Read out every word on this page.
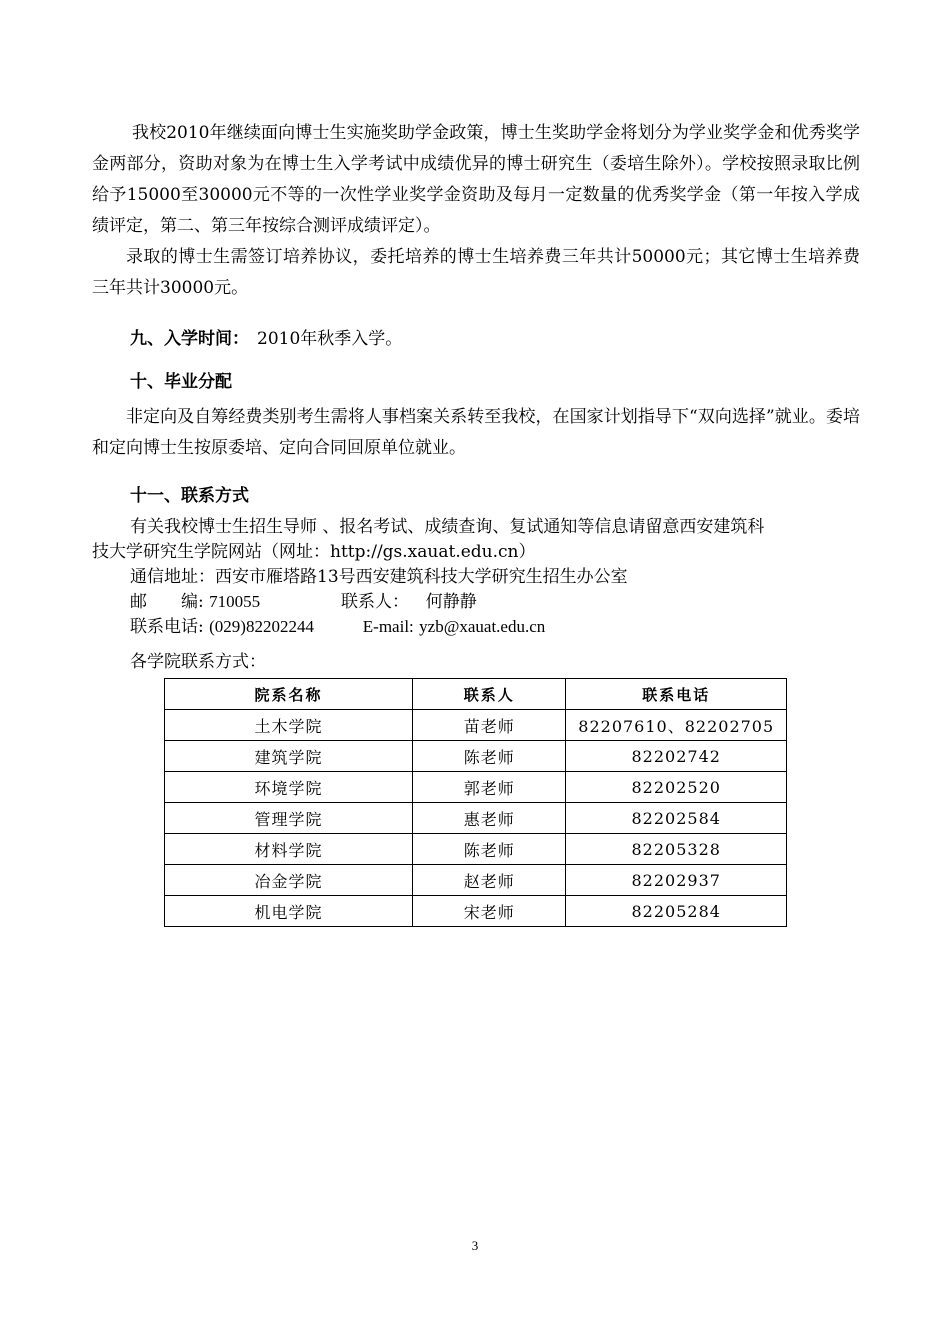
我校2010年继续面向博士生实施奖助学金政策，博士生奖助学金将划分为学业奖学金和优秀奖学金两部分，资助对象为在博士生入学考试中成绩优异的博士研究生（委培生除外）。学校按照录取比例给予15000至30000元不等的一次性学业奖学金资助及每月一定数量的优秀奖学金（第一年按入学成绩评定，第二、第三年按综合测评成绩评定）。

录取的博士生需签订培养协议，委托培养的博士生培养费三年共计50000元；其它博士生培养费三年共计30000元。

九、入学时间： 2010年秋季入学。

十、毕业分配

非定向及自筹经费类别考生需将人事档案关系转至我校，在国家计划指导下“双向选择”就业。委培和定向博士生按原委培、定向合同回原单位就业。

十一、联系方式

有关我校博士生招生导师 、报名考试、成绩查询、复试通知等信息请留意西安建筑科

技大学研究生学院网站（网址：http://gs.xauat.edu.cn）

通信地址：西安市雁塔路13号西安建筑科技大学研究生招生办公室

邮　　编: 710055	联系人： 何静静

联系电话: (029)82202244	E-mail: yzb@xauat.edu.cn

各学院联系方式：

院系名称	联系人	联系电话
土木学院	苗老师	82207610、82202705
建筑学院	陈老师	82202742
环境学院	郭老师	82202520
管理学院	惠老师	82202584
材料学院	陈老师	82205328
冶金学院	赵老师	82202937
机电学院	宋老师	82205284
3
